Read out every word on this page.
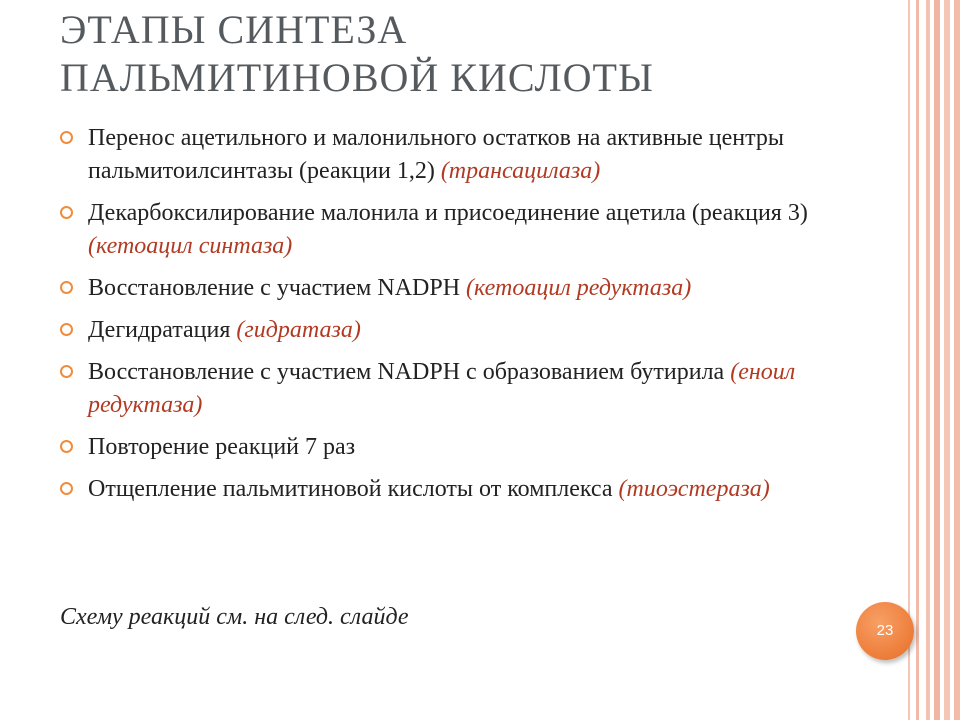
ЭТАПЫ СИНТЕЗА
ПАЛЬМИТИНОВОЙ КИСЛОТЫ
Перенос ацетильного и малонильного остатков на активные центры пальмитоилсинтазы (реакции 1,2) (трансацилаза)
Декарбоксилирование малонила и присоединение ацетила (реакция 3) (кетоацил синтаза)
Восстановление с участием NADPH (кетоацил редуктаза)
Дегидратация (гидратаза)
Восстановление с участием NADPH с образованием бутирила (еноил редуктаза)
Повторение реакций 7 раз
Отщепление пальмитиновой кислоты от комплекса (тиоэстераза)
Схему реакций см. на след. слайде
23
